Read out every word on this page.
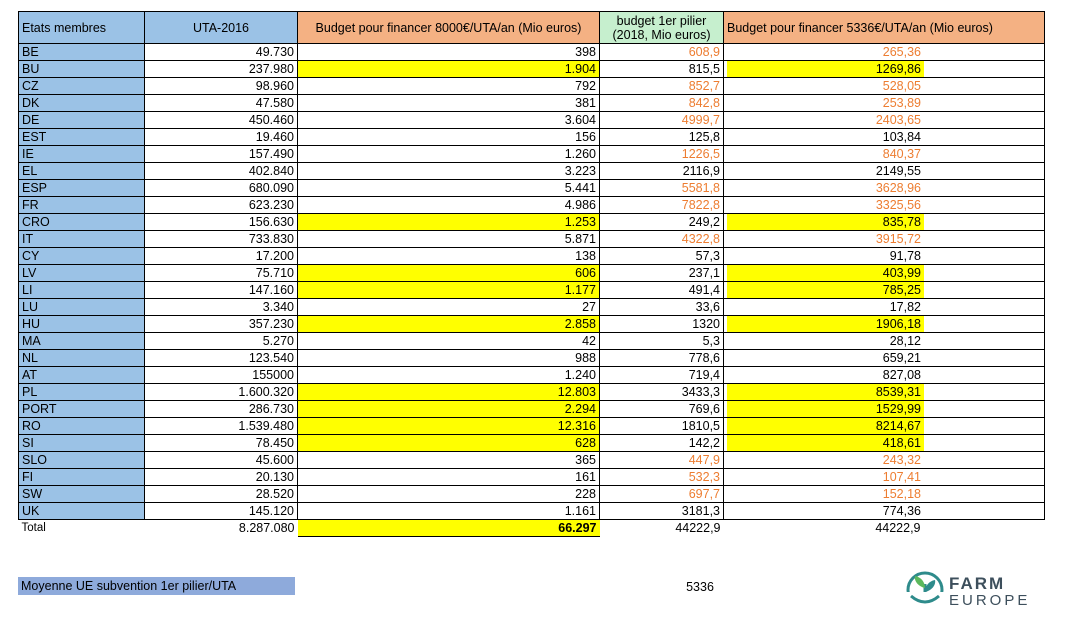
Etats membres	UTA-2016	Budget pour financer 8000€/UTA/an (Mio euros)	budget 1er pilier
(2018, Mio euros)	Budget pour financer 5336€/UTA/an (Mio euros)
BE	49.730	398	608,9	265,36
BU	237.980	1.904	815,5	1269,86
CZ	98.960	792	852,7	528,05
DK	47.580	381	842,8	253,89
DE	450.460	3.604	4999,7	2403,65
EST	19.460	156	125,8	103,84
IE	157.490	1.260	1226,5	840,37
EL	402.840	3.223	2116,9	2149,55
ESP	680.090	5.441	5581,8	3628,96
FR	623.230	4.986	7822,8	3325,56
CRO	156.630	1.253	249,2	835,78
IT	733.830	5.871	4322,8	3915,72
CY	17.200	138	57,3	91,78
LV	75.710	606	237,1	403,99
LI	147.160	1.177	491,4	785,25
LU	3.340	27	33,6	17,82
HU	357.230	2.858	1320	1906,18
MA	5.270	42	5,3	28,12
NL	123.540	988	778,6	659,21
AT	155000	1.240	719,4	827,08
PL	1.600.320	12.803	3433,3	8539,31
PORT	286.730	2.294	769,6	1529,99
RO	1.539.480	12.316	1810,5	8214,67
SI	78.450	628	142,2	418,61
SLO	45.600	365	447,9	243,32
FI	20.130	161	532,3	107,41
SW	28.520	228	697,7	152,18
UK	145.120	1.161	3181,3	774,36
Total	8.287.080	66.297	44222,9	44222,9
Moyenne UE subvention 1er pilier/UTA	5336	FARM
EUROPE
